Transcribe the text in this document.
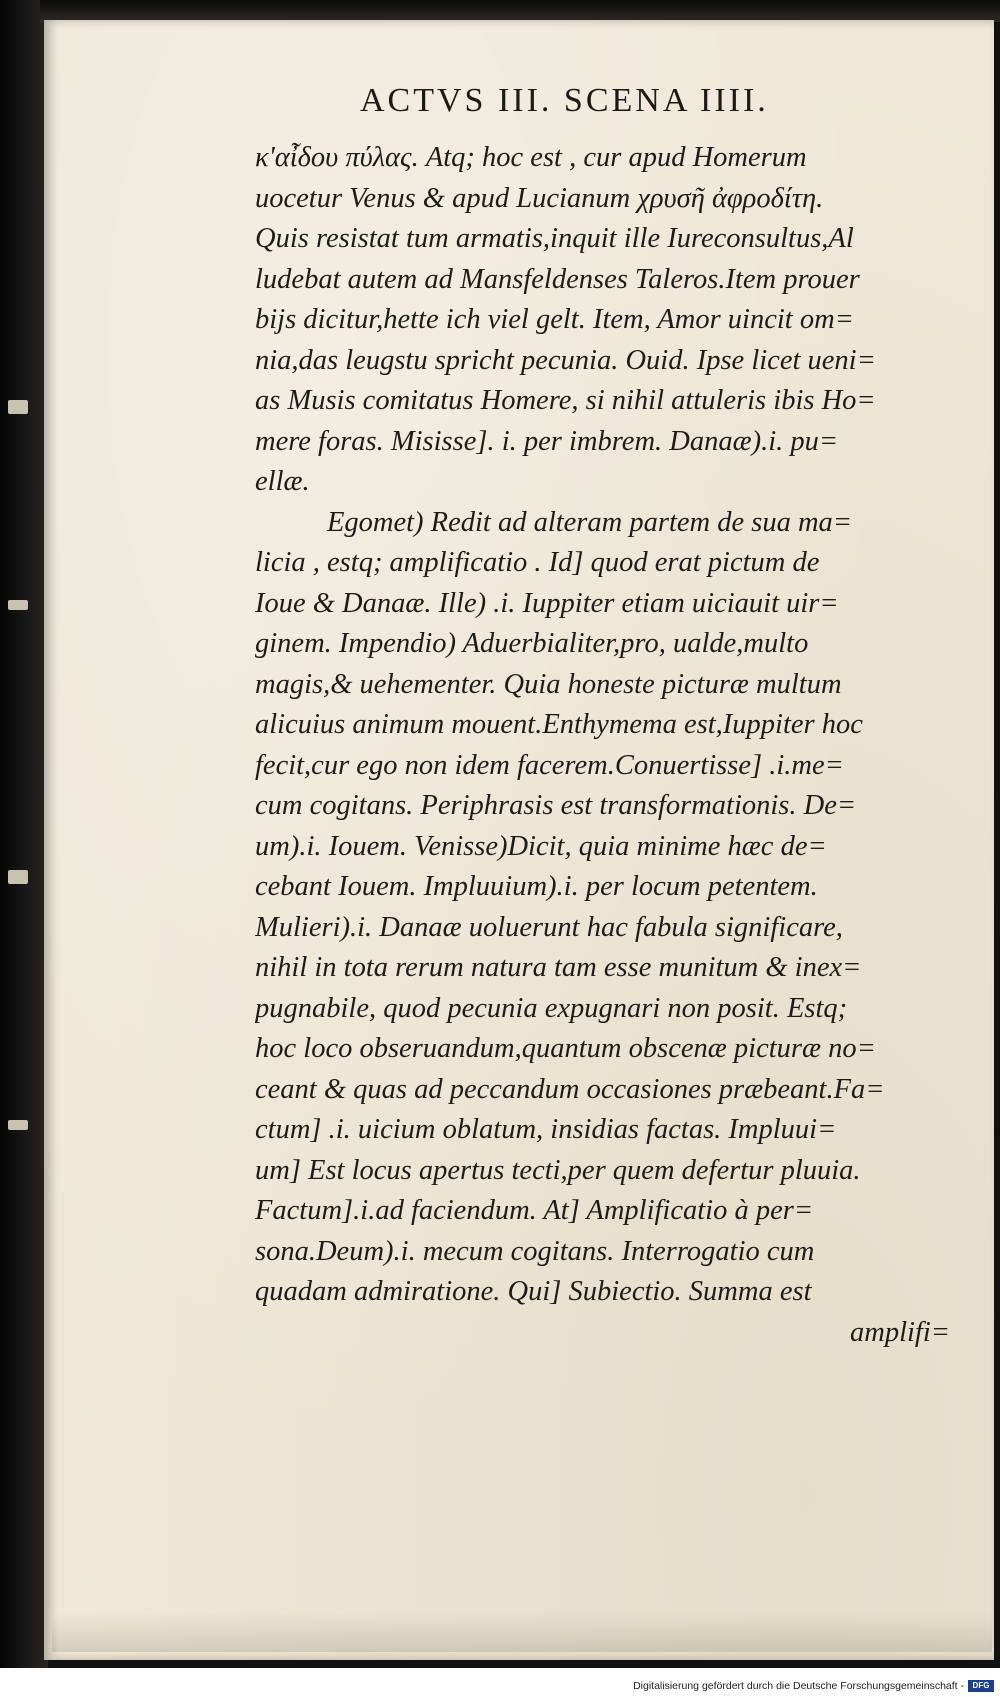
ACTVS III. SCENA IIII.
κ'αἶδου πύλας. Atq; hoc est , cur apud Homerum
uocetur Venus & apud Lucianum χρυσῆ ἀφροδίτη.
Quis resistat tum armatis,inquit ille Iureconsultus,Al
ludebat autem ad Mansfeldenses Taleros.Item prouer
bijs dicitur,hette ich viel gelt. Item, Amor uincit om=
nia,das leugstu spricht pecunia. Ouid. Ipse licet ueni=
as Musis comitatus Homere, si nihil attuleris ibis Ho=
mere foras. Misisse]. i. per imbrem. Danaæ).i. pu=
ellæ.
Egomet) Redit ad alteram partem de sua ma=
licia , estq; amplificatio . Id] quod erat pictum de
Ioue & Danaæ. Ille) .i. Iuppiter etiam uiciauit uir=
ginem. Impendio) Aduerbialiter,pro, ualde,multo
magis,& uehementer. Quia honeste picturæ multum
alicuius animum mouent.Enthymema est,Iuppiter hoc
fecit,cur ego non idem facerem.Conuertisse] .i.me=
cum cogitans. Periphrasis est transformationis. De=
um).i. Iouem. Venisse)Dicit, quia minime hæc de=
cebant Iouem. Impluuium).i. per locum petentem.
Mulieri).i. Danaæ uoluerunt hac fabula significare,
nihil in tota rerum natura tam esse munitum & inex=
pugnabile, quod pecunia expugnari non posit. Estq;
hoc loco obseruandum,quantum obscenæ picturæ no=
ceant & quas ad peccandum occasiones præbeant.Fa=
ctum] .i. uicium oblatum, insidias factas. Impluui=
um] Est locus apertus tecti,per quem defertur pluuia.
Factum].i.ad faciendum. At] Amplificatio à per=
sona.Deum).i. mecum cogitans. Interrogatio cum
quadam admiratione. Qui] Subiectio. Summa est
amplifi=
Digitalisierung gefördert durch die Deutsche Forschungsgemeinschaft -	DFG
